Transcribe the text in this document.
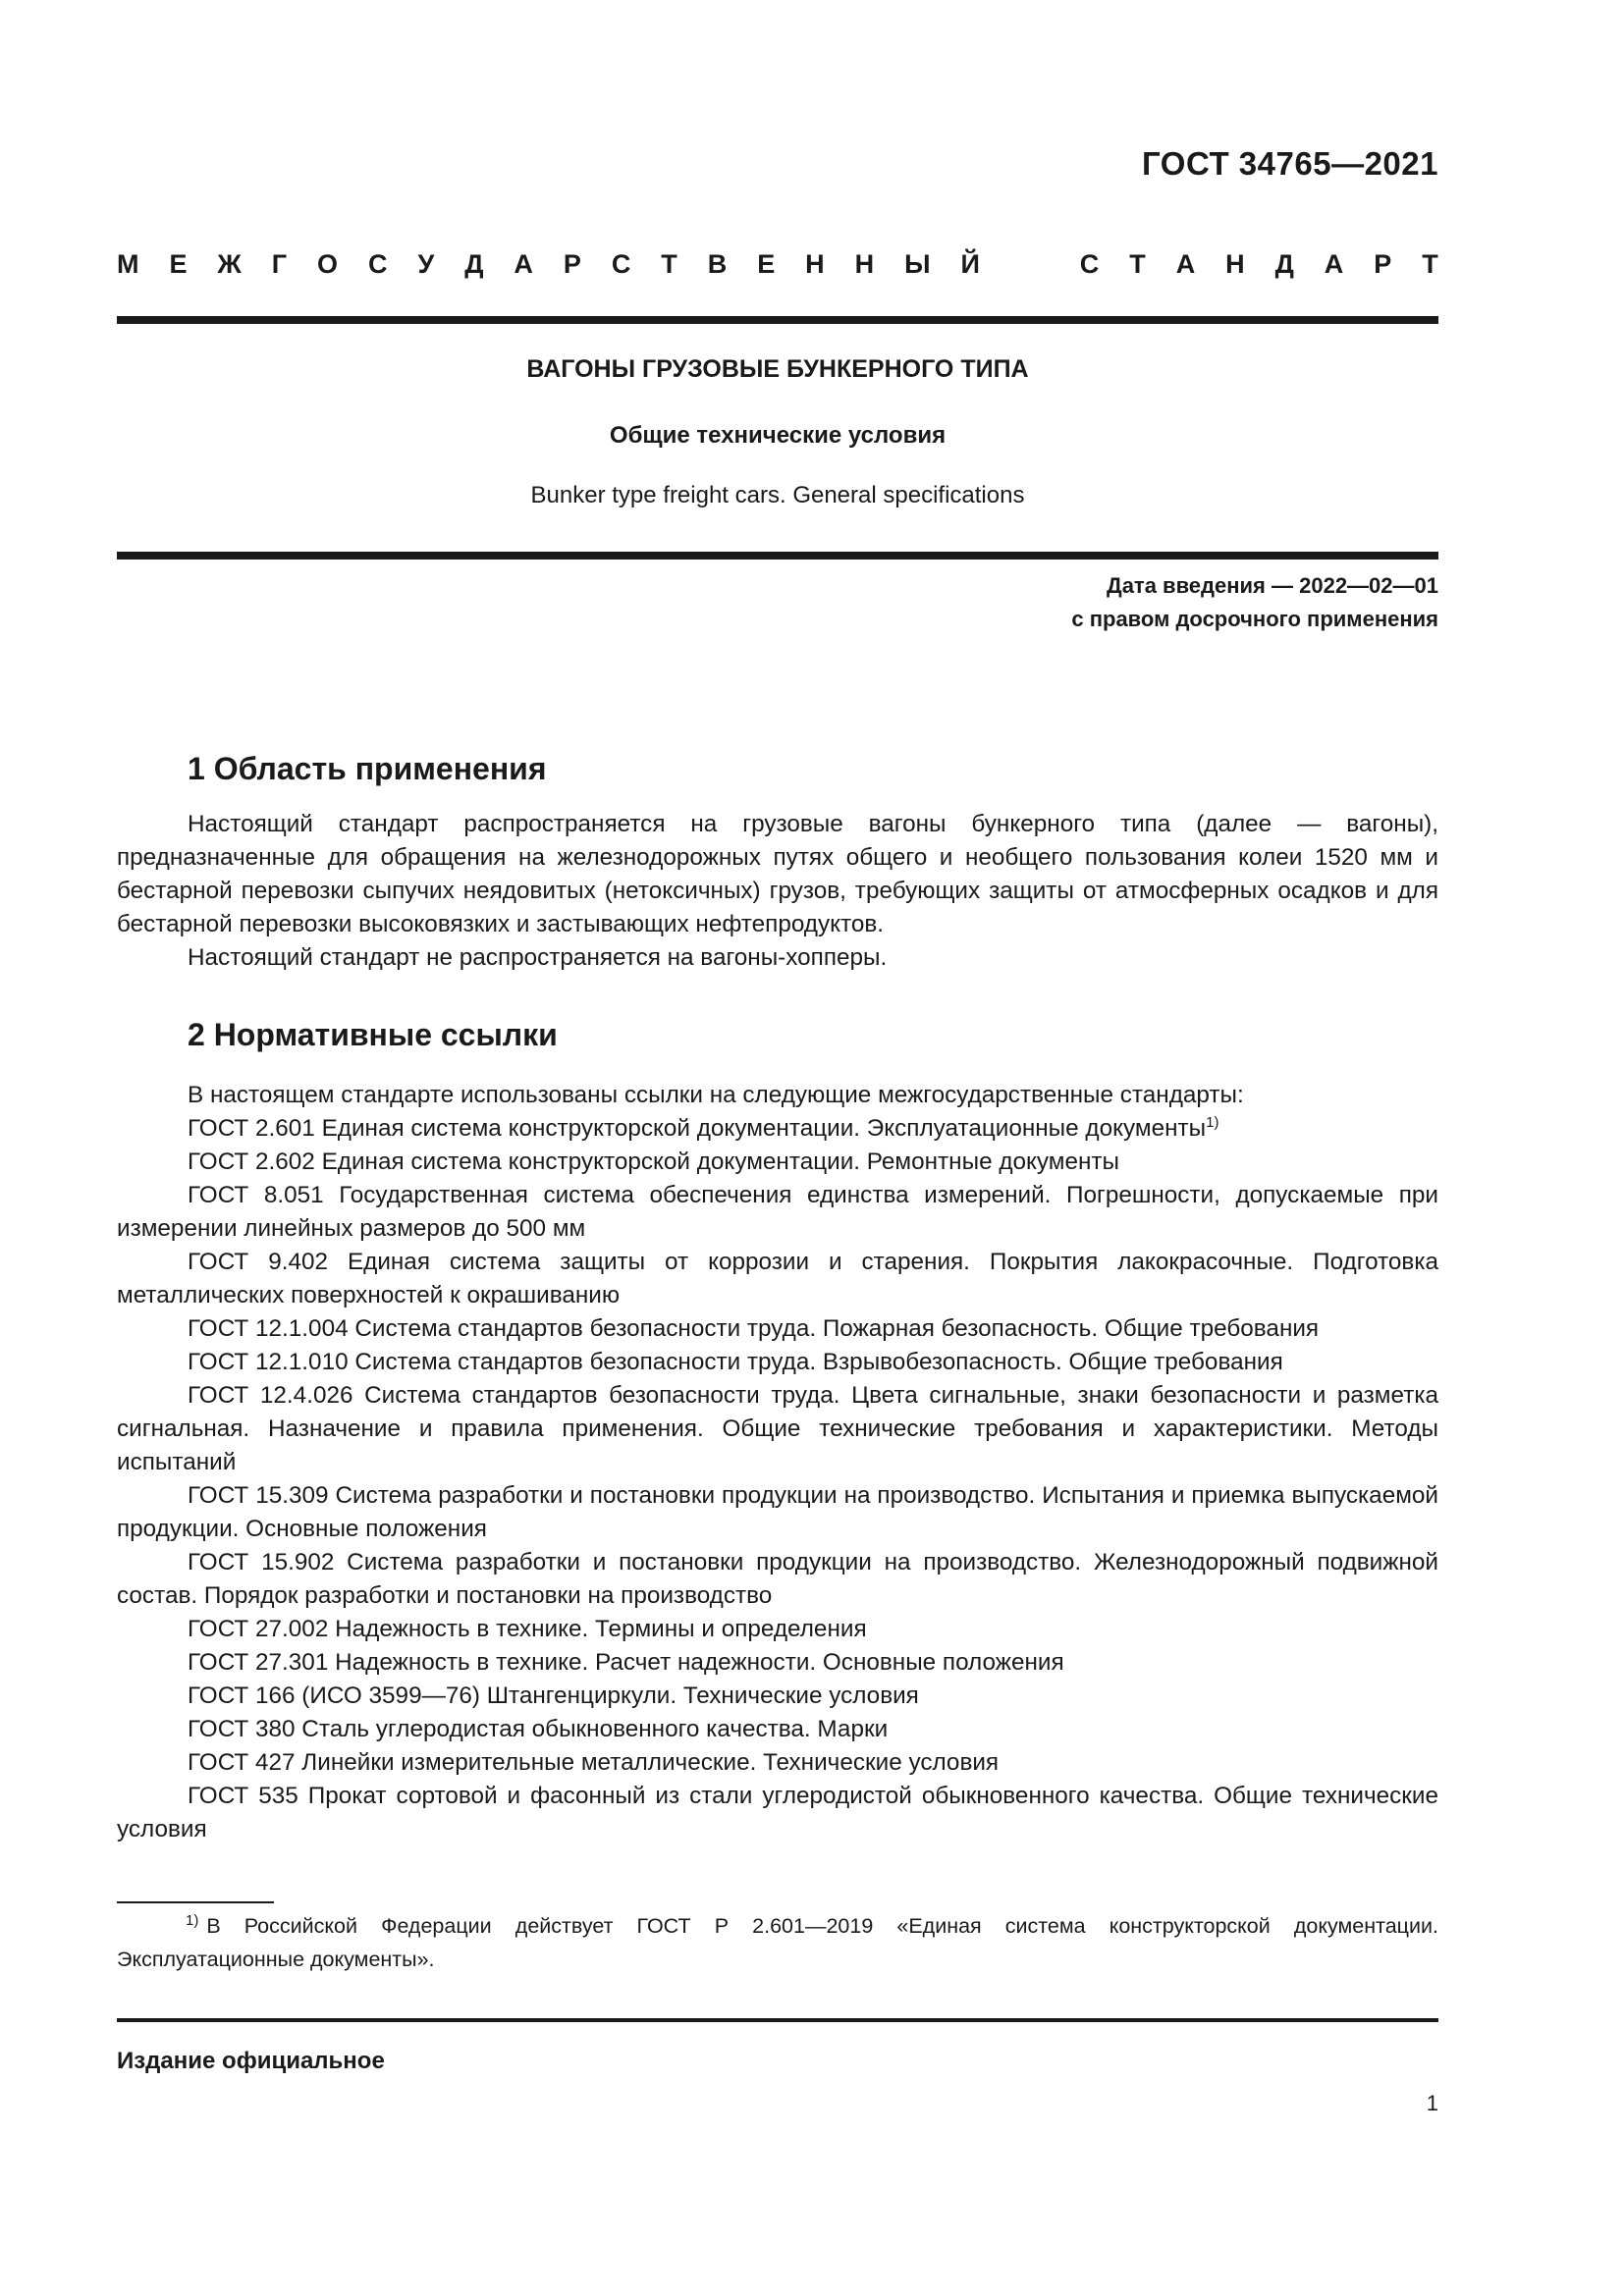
ГОСТ 34765—2021
М Е Ж Г О С У Д А Р С Т В Е Н Н Ы Й	С Т А Н Д А Р Т
ВАГОНЫ ГРУЗОВЫЕ БУНКЕРНОГО ТИПА
Общие технические условия

Bunker type freight cars. General specifications

Дата введения — 2022—02—01
с правом досрочного применения
1 Область применения

Настоящий стандарт распространяется на грузовые вагоны бункерного типа (далее — вагоны), предназначенные для обращения на железнодорожных путях общего и необщего пользования колеи 1520 мм и бестарной перевозки сыпучих неядовитых (нетоксичных) грузов, требующих защиты от атмосферных осадков и для бестарной перевозки высоковязких и застывающих нефтепродуктов.

Настоящий стандарт не распространяется на вагоны-хопперы.

2 Нормативные ссылки

В настоящем стандарте использованы ссылки на следующие межгосударственные стандарты:

ГОСТ 2.601 Единая система конструкторской документации. Эксплуатационные документы$^{1)}$

ГОСТ 2.602 Единая система конструкторской документации. Ремонтные документы

ГОСТ 8.051 Государственная система обеспечения единства измерений. Погрешности, допускаемые при измерении линейных размеров до 500 мм

ГОСТ 9.402 Единая система защиты от коррозии и старения. Покрытия лакокрасочные. Подготовка металлических поверхностей к окрашиванию

ГОСТ 12.1.004 Система стандартов безопасности труда. Пожарная безопасность. Общие требования

ГОСТ 12.1.010 Система стандартов безопасности труда. Взрывобезопасность. Общие требования

ГОСТ 12.4.026 Система стандартов безопасности труда. Цвета сигнальные, знаки безопасности и разметка сигнальная. Назначение и правила применения. Общие технические требования и характеристики. Методы испытаний

ГОСТ 15.309 Система разработки и постановки продукции на производство. Испытания и приемка выпускаемой продукции. Основные положения

ГОСТ 15.902 Система разработки и постановки продукции на производство. Железнодорожный подвижной состав. Порядок разработки и постановки на производство

ГОСТ 27.002 Надежность в технике. Термины и определения

ГОСТ 27.301 Надежность в технике. Расчет надежности. Основные положения

ГОСТ 166 (ИСО 3599—76) Штангенциркули. Технические условия

ГОСТ 380 Сталь углеродистая обыкновенного качества. Марки

ГОСТ 427 Линейки измерительные металлические. Технические условия

ГОСТ 535 Прокат сортовой и фасонный из стали углеродистой обыкновенного качества. Общие технические условия

$^{1)}$ В Российской Федерации действует ГОСТ Р 2.601—2019 «Единая система конструкторской документации. Эксплуатационные документы».

Издание официальное

1
